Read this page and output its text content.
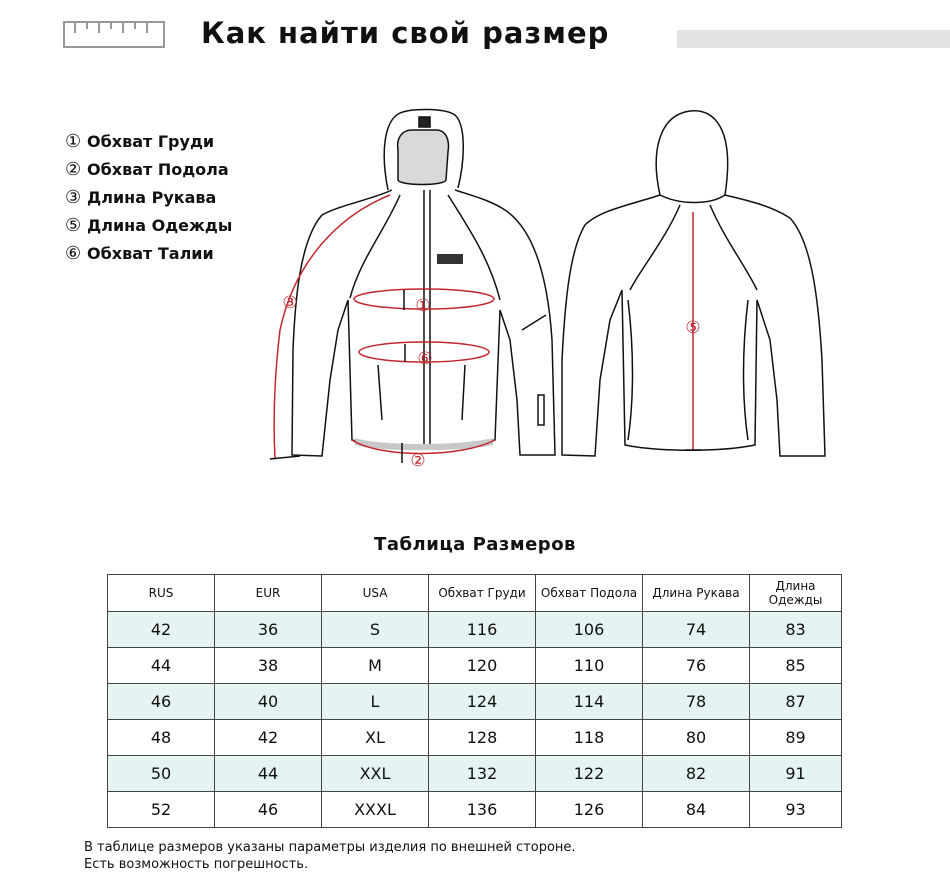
Как найти свой размер
① Обхват Груди
② Обхват Подола
③ Длина Рукава
⑤ Длина Одежды
⑥ Обхват Талии
①
⑥
②
③
⑤
Таблица Размеров
RUS	EUR	USA	Обхват Груди	Обхват Подола	Длина Рукава	Длина Одежды
42	36	S	116	106	74	83
44	38	M	120	110	76	85
46	40	L	124	114	78	87
48	42	XL	128	118	80	89
50	44	XXL	132	122	82	91
52	46	XXXL	136	126	84	93
В таблице размеров указаны параметры изделия по внешней стороне.
Есть возможность погрешность.
